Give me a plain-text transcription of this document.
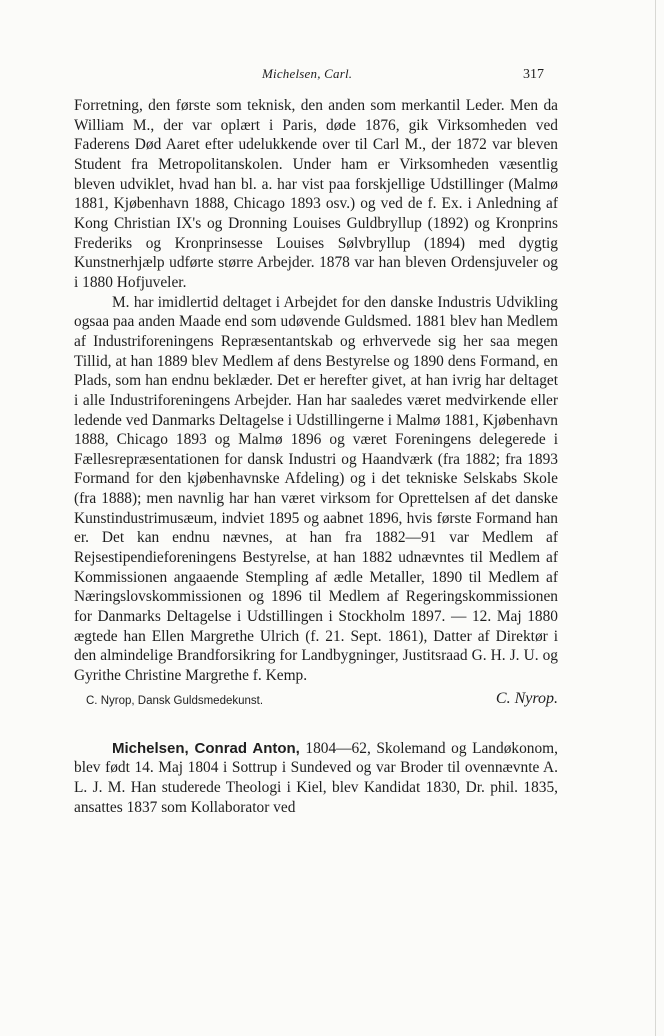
Michelsen, Carl.	317

Forretning, den første som teknisk, den anden som merkantil Leder. Men da William M., der var oplært i Paris, døde 1876, gik Virksomheden ved Faderens Død Aaret efter udelukkende over til Carl M., der 1872 var bleven Student fra Metropolitanskolen. Under ham er Virksomheden væsentlig bleven udviklet, hvad han bl. a. har vist paa forskjellige Udstillinger (Malmø 1881, Kjøbenhavn 1888, Chicago 1893 osv.) og ved de f. Ex. i Anledning af Kong Christian IX's og Dronning Louises Guldbryllup (1892) og Kronprins Frederiks og Kronprinsesse Louises Sølvbryllup (1894) med dygtig Kunstnerhjælp udførte større Arbejder. 1878 var han bleven Ordensjuveler og i 1880 Hofjuveler.

M. har imidlertid deltaget i Arbejdet for den danske Industris Udvikling ogsaa paa anden Maade end som udøvende Guldsmed. 1881 blev han Medlem af Industriforeningens Repræsentantskab og erhvervede sig her saa megen Tillid, at han 1889 blev Medlem af dens Bestyrelse og 1890 dens Formand, en Plads, som han endnu beklæder. Det er herefter givet, at han ivrig har deltaget i alle Industriforeningens Arbejder. Han har saaledes været medvirkende eller ledende ved Danmarks Deltagelse i Udstillingerne i Malmø 1881, Kjøbenhavn 1888, Chicago 1893 og Malmø 1896 og været Foreningens delegerede i Fællesrepræsentationen for dansk Industri og Haandværk (fra 1882; fra 1893 Formand for den kjøbenhavnske Afdeling) og i det tekniske Selskabs Skole (fra 1888); men navnlig har han været virksom for Oprettelsen af det danske Kunstindustrimusæum, indviet 1895 og aabnet 1896, hvis første Formand han er. Det kan endnu nævnes, at han fra 1882—91 var Medlem af Rejsestipendieforeningens Bestyrelse, at han 1882 udnævntes til Medlem af Kommissionen angaaende Stempling af ædle Metaller, 1890 til Medlem af Næringslovskommissionen og 1896 til Medlem af Regeringskommissionen for Danmarks Deltagelse i Udstillingen i Stockholm 1897. — 12. Maj 1880 ægtede han Ellen Margrethe Ulrich (f. 21. Sept. 1861), Datter af Direktør i den almindelige Brandforsikring for Landbygninger, Justitsraad G. H. J. U. og Gyrithe Christine Margrethe f. Kemp.

C. Nyrop, Dansk Guldsmedekunst.	C. Nyrop.

Michelsen, Conrad Anton, 1804—62, Skolemand og Landøkonom, blev født 14. Maj 1804 i Sottrup i Sundeved og var Broder til ovennævnte A. L. J. M. Han studerede Theologi i Kiel, blev Kandidat 1830, Dr. phil. 1835, ansattes 1837 som Kollaborator ved
